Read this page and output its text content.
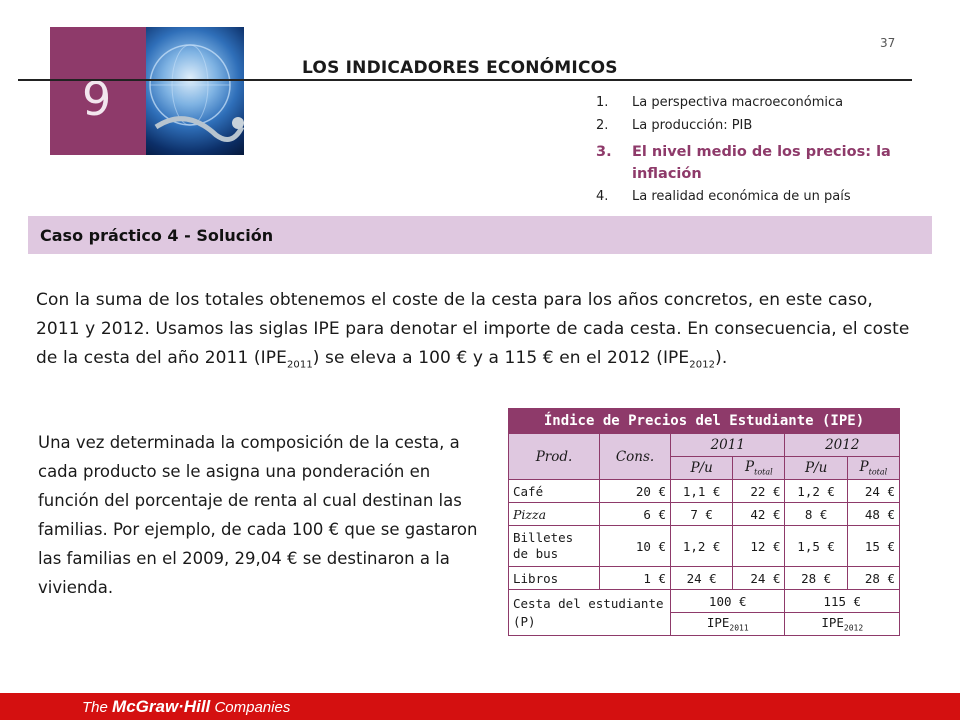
37
9
LOS INDICADORES ECONÓMICOS
1. La perspectiva macroeconómica
2. La producción: PIB
3. El nivel medio de los precios: la inflación
4. La realidad económica de un país
Caso práctico 4 - Solución
Con la suma de los totales obtenemos el coste de la cesta para los años concretos, en este caso, 2011 y 2012. Usamos las siglas IPE para denotar el importe de cada cesta. En consecuencia, el coste de la cesta del año 2011 $(IPE_{2011})$ se eleva a 100 € y a 115 € en el 2012 $(IPE_{2012})$.
Una vez determinada la composición de la cesta, a cada producto se le asigna una ponderación en función del porcentaje de renta al cual destinan las familias. Por ejemplo, de cada 100 € que se gastaron las familias en el 2009, 29,04 € se destinaron a la vivienda.
Índice de Precios del Estudiante (IPE)					
Prod.	Cons.	2011		2012	
		P/u	$P_{total}$	P/u	$P_{total}$
Café	20 €	1,1 €	22 €	1,2 €	24 €
Pizza	6 €	7 €	42 €	8 €	48 €
Billetes de bus	10 €	1,2 €	12 €	1,5 €	15 €
Libros	1 €	24 €	24 €	28 €	28 €
Cesta del estudiante (P)		100 €		115 €	
		$IPE_{2011}$		$IPE_{2012}$
The McGraw·Hill Companies
